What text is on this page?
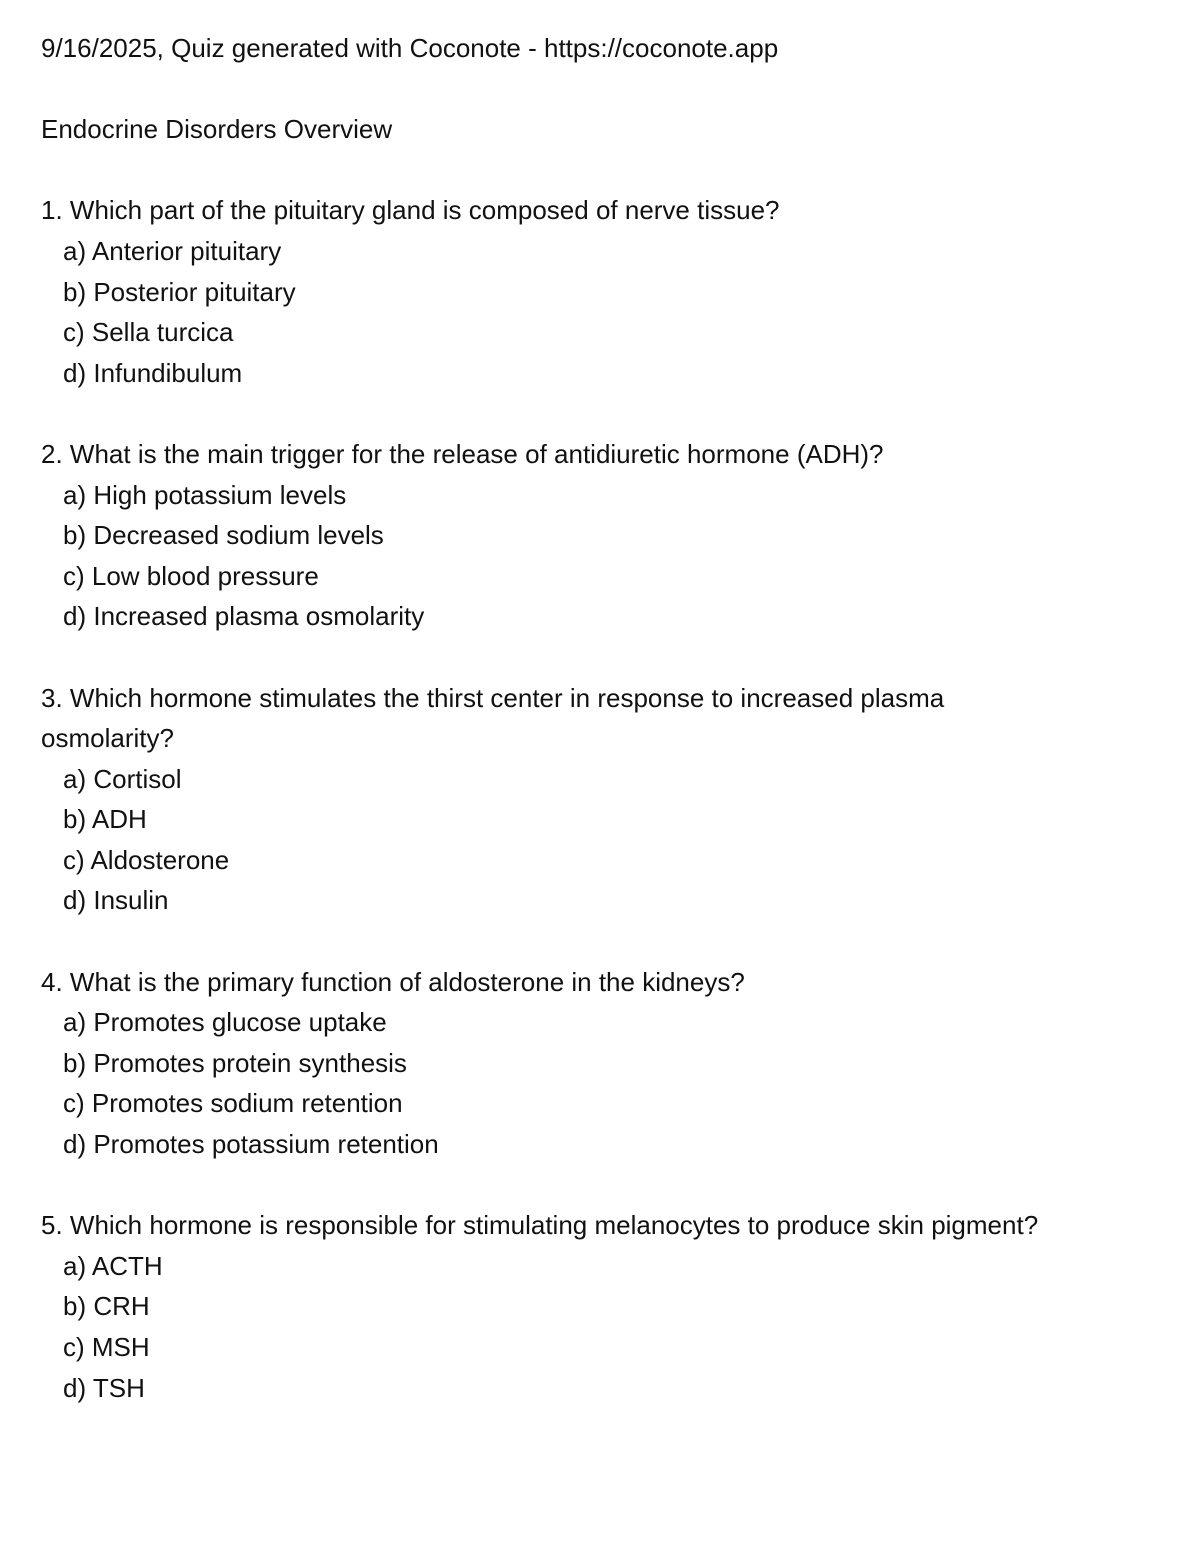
9/16/2025, Quiz generated with Coconote - https://coconote.app

Endocrine Disorders Overview

1. Which part of the pituitary gland is composed of nerve tissue?

a) Anterior pituitary

b) Posterior pituitary

c) Sella turcica

d) Infundibulum

2. What is the main trigger for the release of antidiuretic hormone (ADH)?

a) High potassium levels

b) Decreased sodium levels

c) Low blood pressure

d) Increased plasma osmolarity

3. Which hormone stimulates the thirst center in response to increased plasma osmolarity?

a) Cortisol

b) ADH

c) Aldosterone

d) Insulin

4. What is the primary function of aldosterone in the kidneys?

a) Promotes glucose uptake

b) Promotes protein synthesis

c) Promotes sodium retention

d) Promotes potassium retention

5. Which hormone is responsible for stimulating melanocytes to produce skin pigment?

a) ACTH

b) CRH

c) MSH

d) TSH
